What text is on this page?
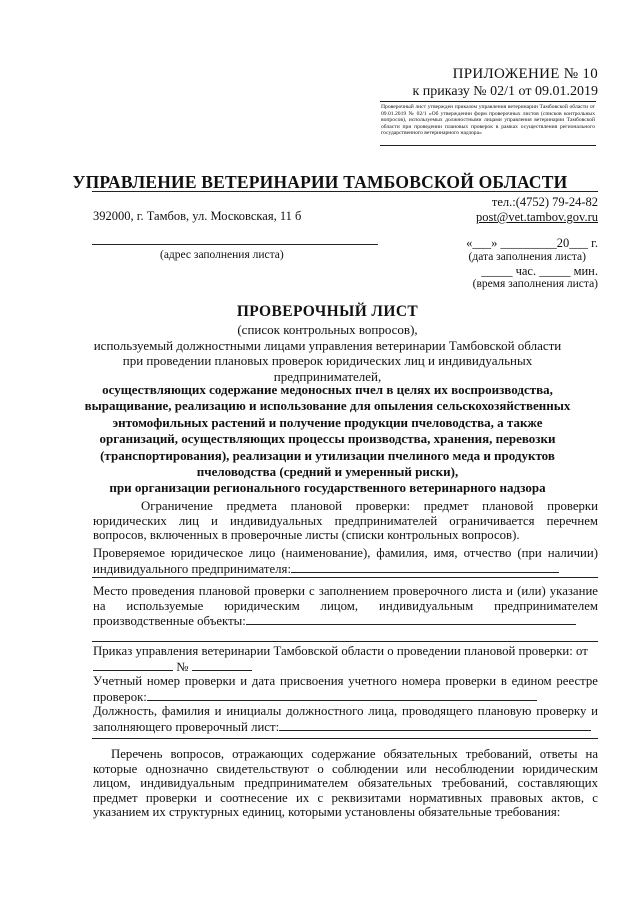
ПРИЛОЖЕНИЕ № 10
к приказу № 02/1 от 09.01.2019
Проверочный лист утвержден приказом управления ветеринарии Тамбовской области от 09.01.2019 № 02/1 «Об утверждении форм проверочных листов (списков контрольных вопросов), используемых должностными лицами управления ветеринарии Тамбовской области при проведении плановых проверок в рамках осуществления регионального государственного ветеринарного надзора»
УПРАВЛЕНИЕ ВЕТЕРИНАРИИ ТАМБОВСКОЙ ОБЛАСТИ
392000, г. Тамбов, ул. Московская, 11 б
тел.:(4752) 79-24-82
post@vet.tambov.gov.ru
(адрес заполнения листа)
«___» _________20___ г.
(дата заполнения листа)
_____ час. _____ мин.
(время заполнения листа)
ПРОВЕРОЧНЫЙ ЛИСТ
(список контрольных вопросов),
используемый должностными лицами управления ветеринарии Тамбовской области
при проведении плановых проверок юридических лиц и индивидуальных
предпринимателей,
осуществляющих содержание медоносных пчел в целях их воспроизводства,
выращивание, реализацию и использование для опыления сельскохозяйственных
энтомофильных растений и получение продукции пчеловодства, а также
организаций, осуществляющих процессы производства, хранения, перевозки
(транспортирования), реализации и утилизации пчелиного меда и продуктов
пчеловодства (средний и умеренный риски),
при организации регионального государственного ветеринарного надзора
Ограничение предмета плановой проверки: предмет плановой проверки юридических лиц и индивидуальных предпринимателей ограничивается перечнем вопросов, включенных в проверочные листы (списки контрольных вопросов).
Проверяемое юридическое лицо (наименование), фамилия, имя, отчество (при наличии) индивидуального предпринимателя:
Место проведения плановой проверки с заполнением проверочного листа и (или) указание на используемые юридическим лицом, индивидуальным предпринимателем производственные объекты:
Приказ управления ветеринарии Тамбовской области о проведении плановой проверки: от
№
Учетный номер проверки и дата присвоения учетного номера проверки в едином реестре проверок:
Должность, фамилия и инициалы должностного лица, проводящего плановую проверку и заполняющего проверочный лист:
Перечень вопросов, отражающих содержание обязательных требований, ответы на которые однозначно свидетельствуют о соблюдении или несоблюдении юридическим лицом, индивидуальным предпринимателем обязательных требований, составляющих предмет проверки и соотнесение их с реквизитами нормативных правовых актов, с указанием их структурных единиц, которыми установлены обязательные требования:
